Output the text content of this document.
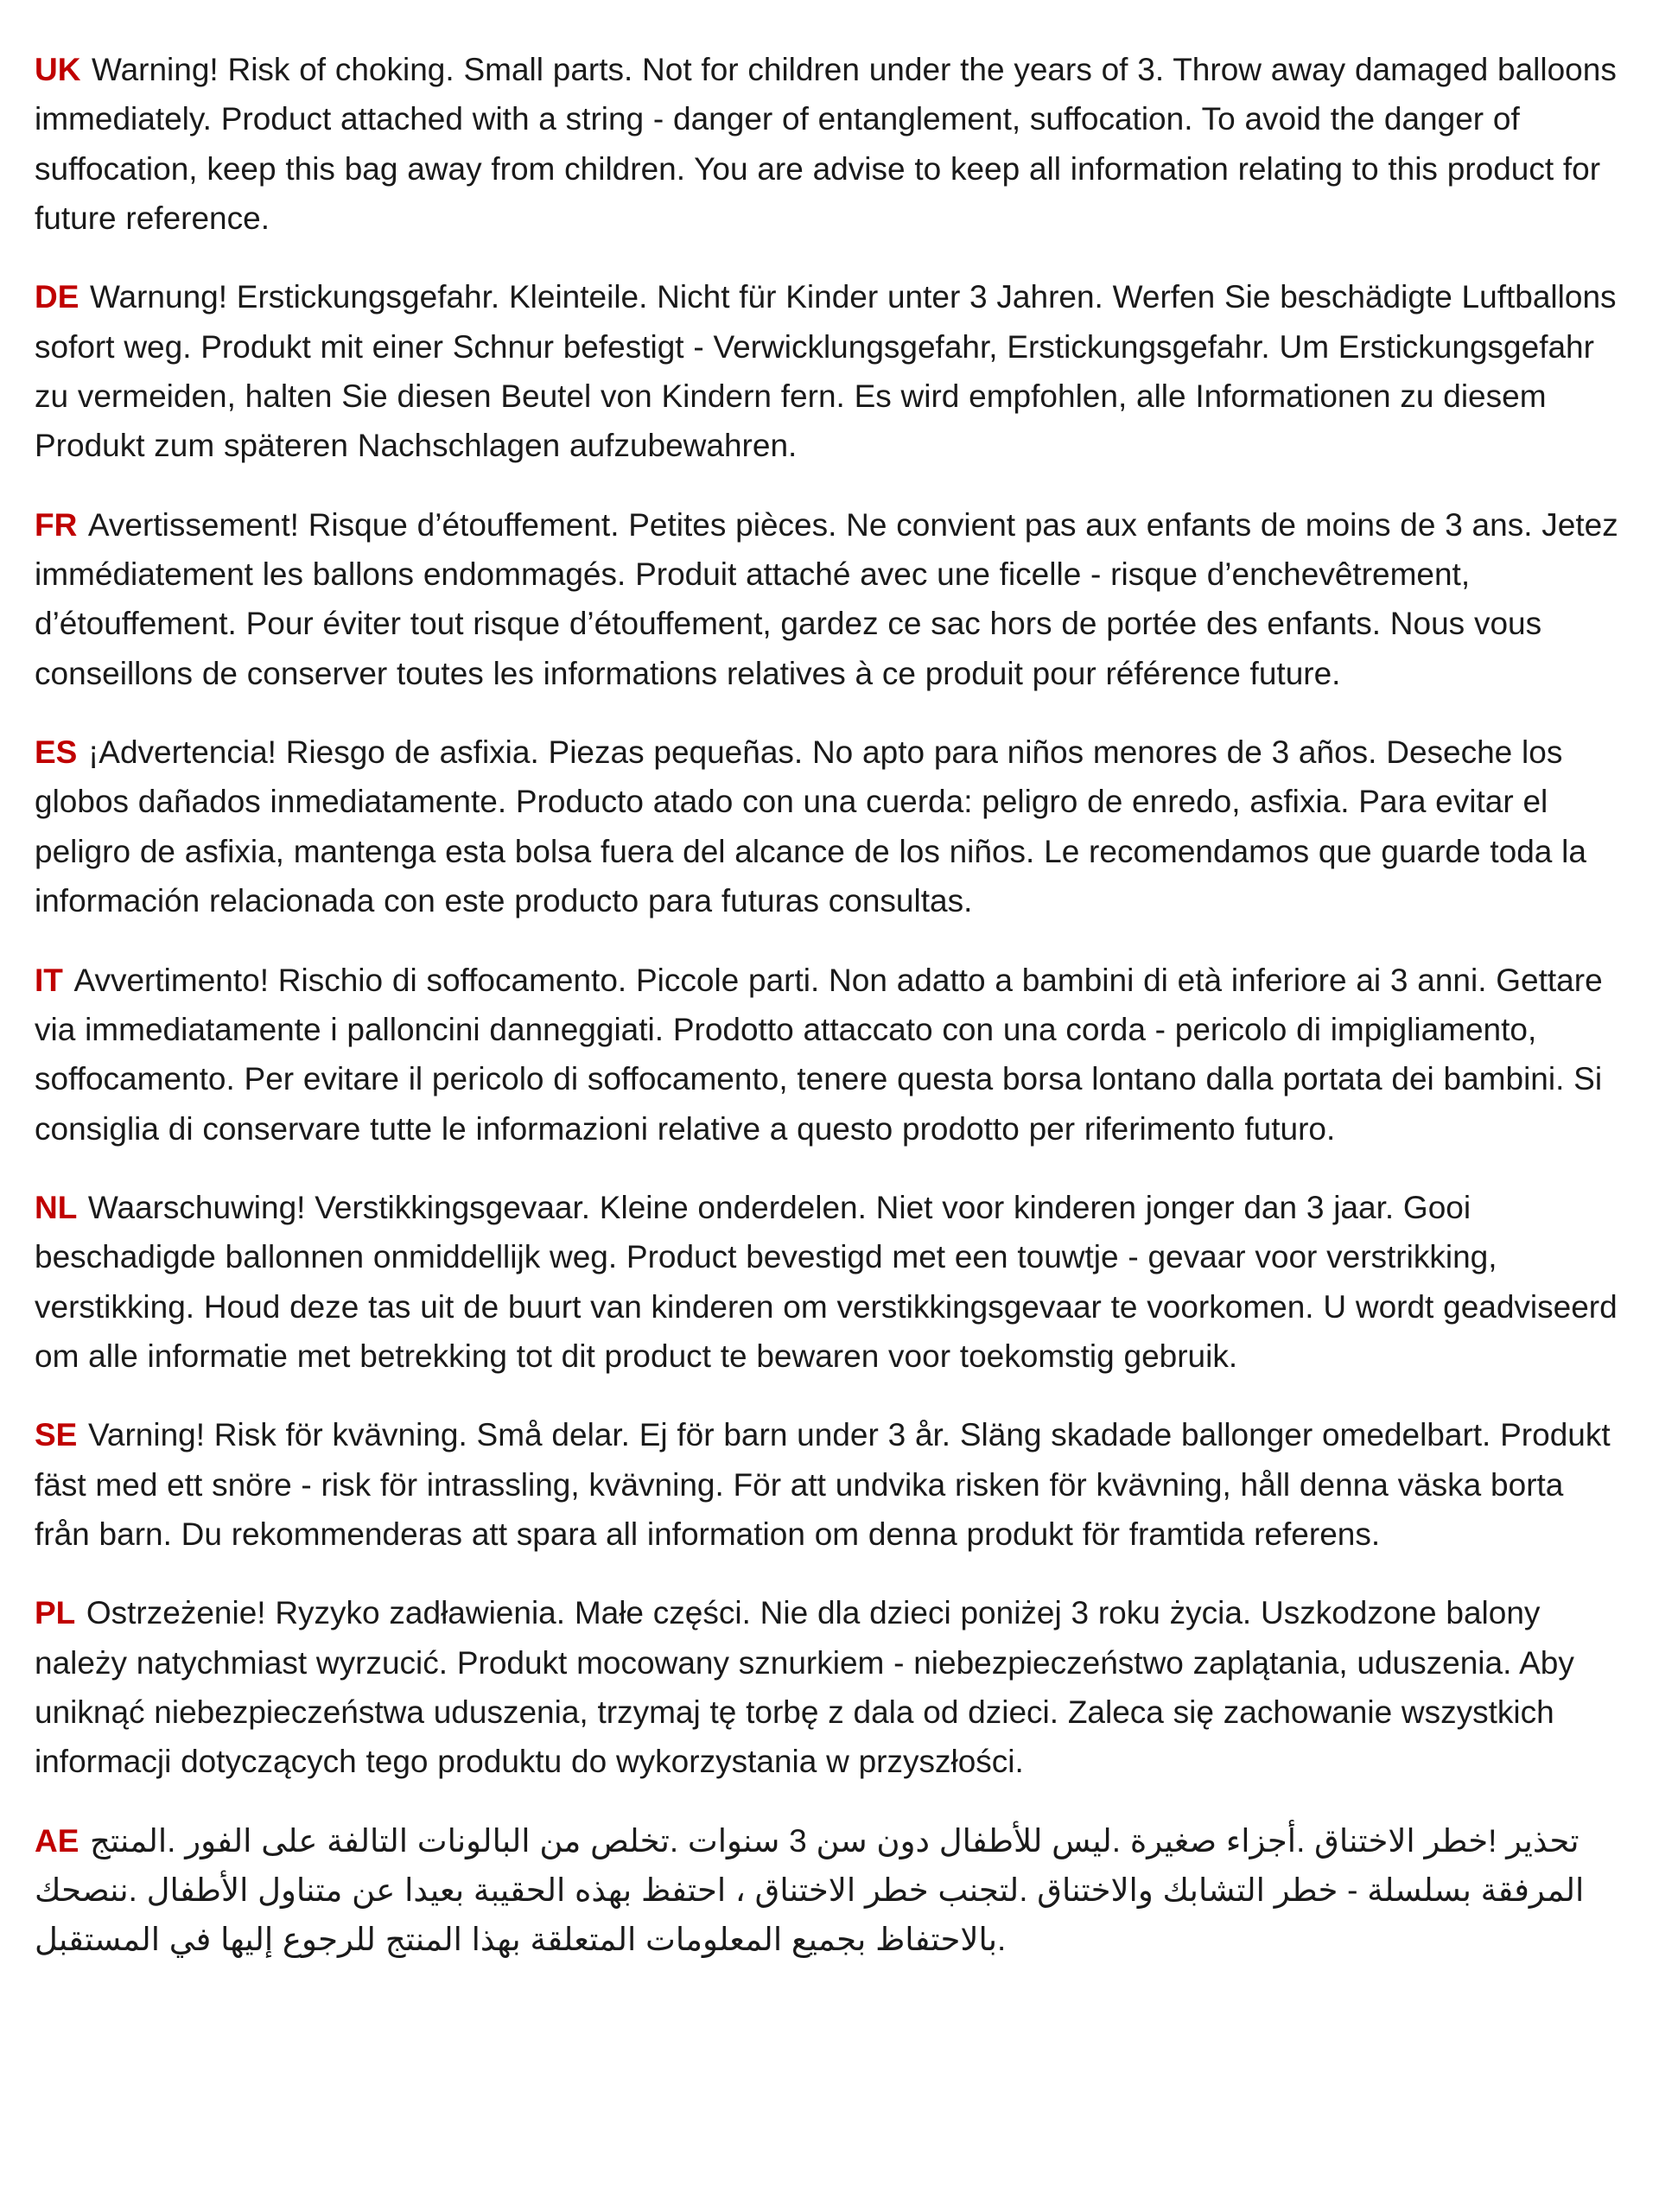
UK Warning! Risk of choking. Small parts. Not for children under the years of 3. Throw away damaged balloons immediately. Product attached with a string - danger of entanglement, suffocation. To avoid the danger of suffocation, keep this bag away from children. You are advise to keep all information relating to this product for future reference.

DE Warnung! Erstickungsgefahr. Kleinteile. Nicht für Kinder unter 3 Jahren. Werfen Sie beschädigte Luftballons sofort weg. Produkt mit einer Schnur befestigt - Verwicklungsgefahr, Erstickungsgefahr. Um Erstickungsgefahr zu vermeiden, halten Sie diesen Beutel von Kindern fern. Es wird empfohlen, alle Informationen zu diesem Produkt zum späteren Nachschlagen aufzubewahren.

FR Avertissement! Risque d’étouffement. Petites pièces. Ne convient pas aux enfants de moins de 3 ans. Jetez immédiatement les ballons endommagés. Produit attaché avec une ficelle - risque d’enchevêtrement, d’étouffement. Pour éviter tout risque d’étouffement, gardez ce sac hors de portée des enfants. Nous vous conseillons de conserver toutes les informations relatives à ce produit pour référence future.

ES ¡Advertencia! Riesgo de asfixia. Piezas pequeñas. No apto para niños menores de 3 años. Deseche los globos dañados inmediatamente. Producto atado con una cuerda: peligro de enredo, asfixia. Para evitar el peligro de asfixia, mantenga esta bolsa fuera del alcance de los niños. Le recomendamos que guarde toda la información relacionada con este producto para futuras consultas.

IT Avvertimento! Rischio di soffocamento. Piccole parti. Non adatto a bambini di età inferiore ai 3 anni. Gettare via immediatamente i palloncini danneggiati. Prodotto attaccato con una corda - pericolo di impigliamento, soffocamento. Per evitare il pericolo di soffocamento, tenere questa borsa lontano dalla portata dei bambini. Si consiglia di conservare tutte le informazioni relative a questo prodotto per riferimento futuro.

NL Waarschuwing! Verstikkingsgevaar. Kleine onderdelen. Niet voor kinderen jonger dan 3 jaar. Gooi beschadigde ballonnen onmiddellijk weg. Product bevestigd met een touwtje - gevaar voor verstrikking, verstikking. Houd deze tas uit de buurt van kinderen om verstikkingsgevaar te voorkomen. U wordt geadviseerd om alle informatie met betrekking tot dit product te bewaren voor toekomstig gebruik.

SE Varning! Risk för kvävning. Små delar. Ej för barn under 3 år. Släng skadade ballonger omedelbart. Produkt fäst med ett snöre - risk för intrassling, kvävning. För att undvika risken för kvävning, håll denna väska borta från barn. Du rekommenderas att spara all information om denna produkt för framtida referens.

PL Ostrzeżenie! Ryzyko zadławienia. Małe części. Nie dla dzieci poniżej 3 roku życia. Uszkodzone balony należy natychmiast wyrzucić. Produkt mocowany sznurkiem - niebezpieczeństwo zaplątania, uduszenia. Aby uniknąć niebezpieczeństwa uduszenia, trzymaj tę torbę z dala od dzieci. Zaleca się zachowanie wszystkich informacji dotyczących tego produktu do wykorzystania w przyszłości.

AE تحذير !خطر الاختناق .أجزاء صغيرة .ليس للأطفال دون سن 3 سنوات .تخلص من البالونات التالفة على الفور .المنتج المرفقة بسلسلة - خطر التشابك والاختناق .لتجنب خطر الاختناق ، احتفظ بهذه الحقيبة بعيدا عن متناول الأطفال .ننصحك بالاحتفاظ بجميع المعلومات المتعلقة بهذا المنتج للرجوع إليها في المستقبل.
